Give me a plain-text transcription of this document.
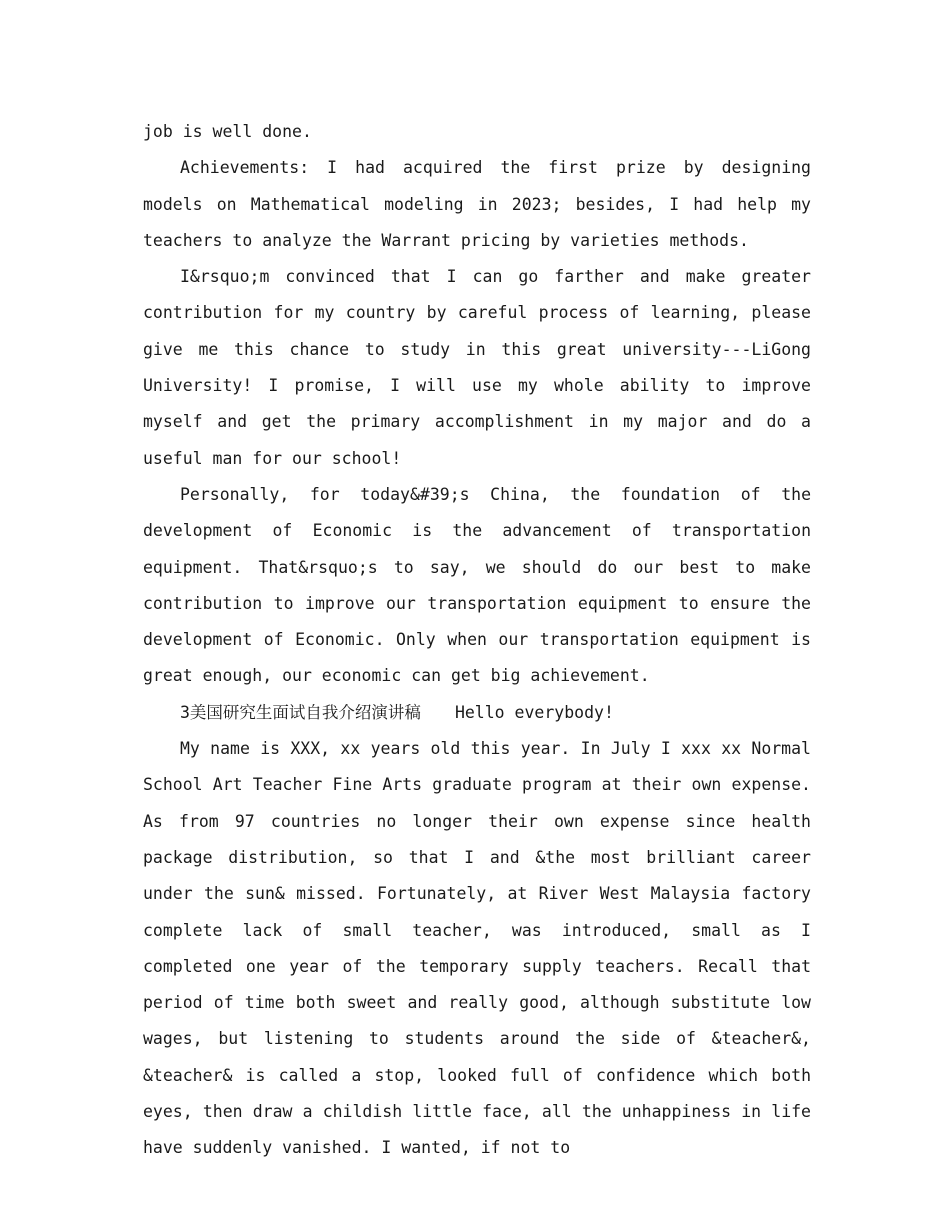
job is well done.

Achievements: I had acquired the first prize by designing models on Mathematical modeling in 2023; besides, I had help my teachers to analyze the Warrant pricing by varieties methods.

I&rsquo;m convinced that I can go farther and make greater contribution for my country by careful process of learning, please give me this chance to study in this great university---LiGong University! I promise, I will use my whole ability to improve myself and get the primary accomplishment in my major and do a useful man for our school!

Personally, for today&#39;s China, the foundation of the development of Economic is the advancement of transportation equipment. That&rsquo;s to say, we should do our best to make contribution to improve our transportation equipment to ensure the development of Economic. Only when our transportation equipment is great enough, our economic can get big achievement.

3美国研究生面试自我介绍演讲稿 Hello everybody!

My name is XXX, xx years old this year. In July I xxx xx Normal School Art Teacher Fine Arts graduate program at their own expense. As from 97 countries no longer their own expense since health package distribution, so that I and &the most brilliant career under the sun& missed. Fortunately, at River West Malaysia factory complete lack of small teacher, was introduced, small as I completed one year of the temporary supply teachers. Recall that period of time both sweet and really good, although substitute low wages, but listening to students around the side of &teacher&, &teacher& is called a stop, looked full of confidence which both eyes, then draw a childish little face, all the unhappiness in life have suddenly vanished. I wanted, if not to
